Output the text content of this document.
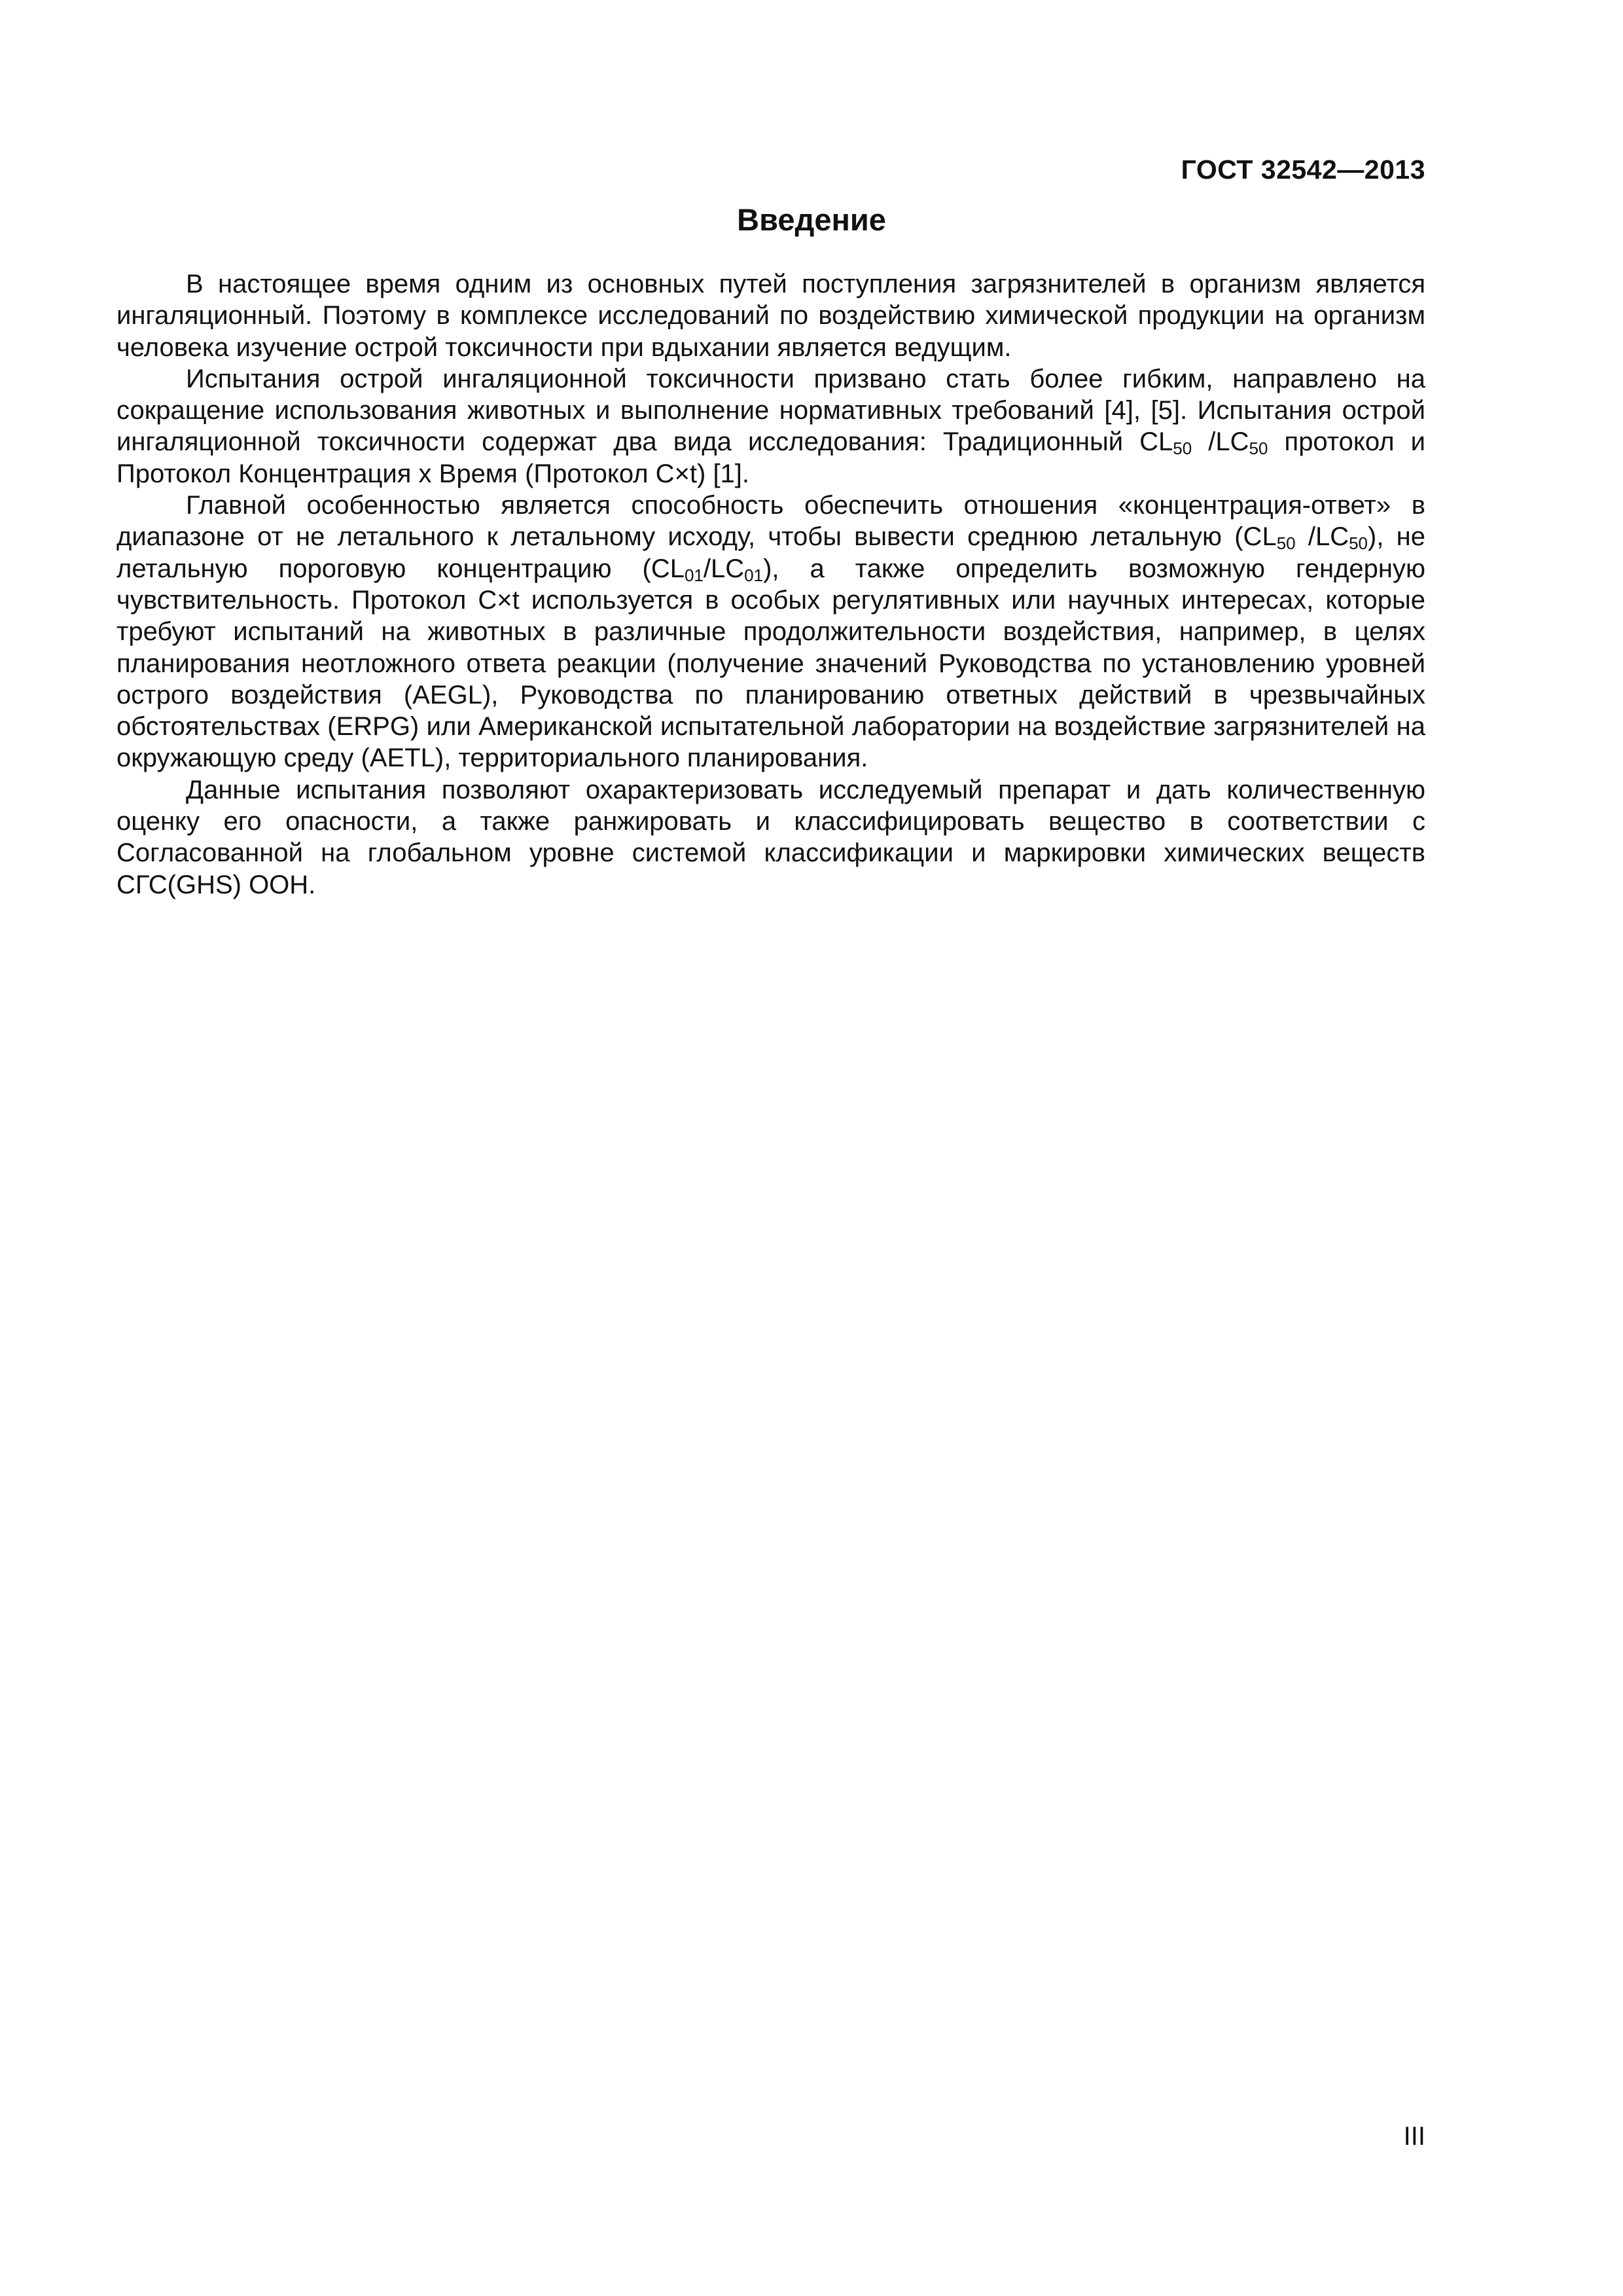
ГОСТ 32542—2013
Введение

В настоящее время одним из основных путей поступления загрязнителей в организм является ингаляционный. Поэтому в комплексе исследований по воздействию химической продукции на организм человека изучение острой токсичности при вдыхании является ведущим.

Испытания острой ингаляционной токсичности призвано стать более гибким, направлено на сокращение использования животных и выполнение нормативных требований [4], [5]. Испытания острой ингаляционной токсичности содержат два вида исследования: Традиционный $CL_{50}$ $/LC_{50}$ протокол и Протокол Концентрация х Время (Протокол C×t) [1].

Главной особенностью является способность обеспечить отношения «концентрация-ответ» в диапазоне от не летального к летальному исходу, чтобы вывести среднюю летальную ($CL_{50}$ $/LC_{50}$), не летальную пороговую концентрацию $(CL_{01}/LC_{01})$, а также определить возможную гендерную чувствительность. Протокол C×t используется в особых регулятивных или научных интересах, которые требуют испытаний на животных в различные продолжительности воздействия, например, в целях планирования неотложного ответа реакции (получение значений Руководства по установлению уровней острого воздействия (AEGL), Руководства по планированию ответных действий в чрезвычайных обстоятельствах (ERPG) или Американской испытательной лаборатории на воздействие загрязнителей на окружающую среду (AETL), территориального планирования.

Данные испытания позволяют охарактеризовать исследуемый препарат и дать количественную оценку его опасности, а также ранжировать и классифицировать вещество в соответствии с Согласованной на глобальном уровне системой классификации и маркировки химических веществ СГС(GHS) ООН.

III
